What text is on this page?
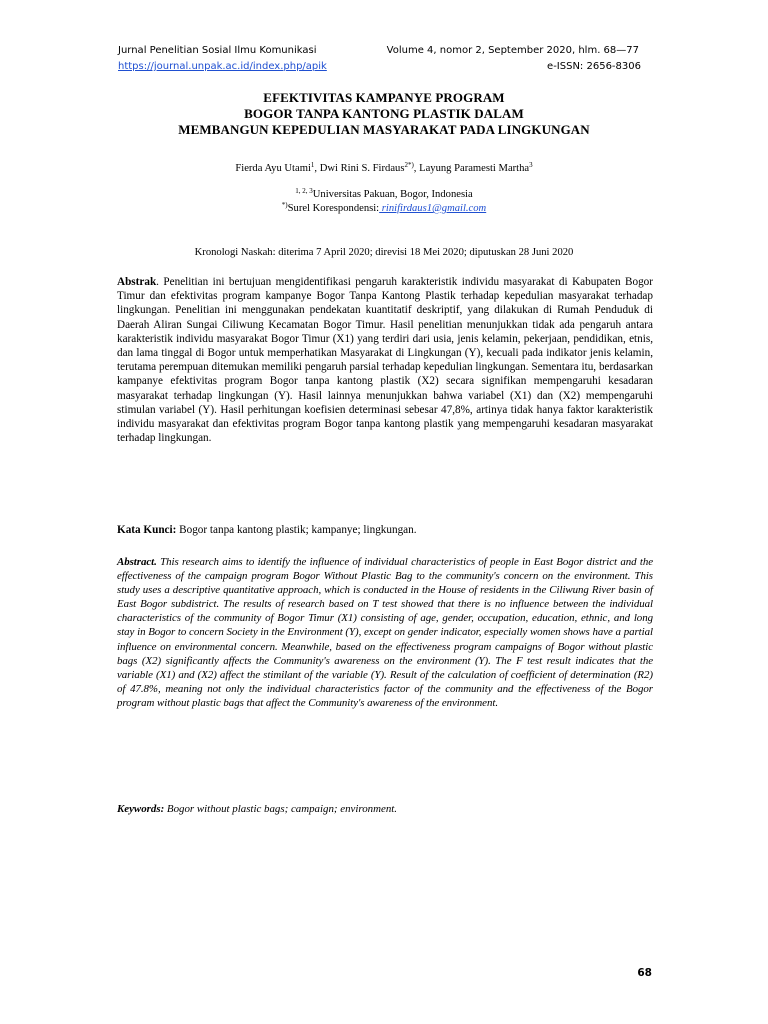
Jurnal Penelitian Sosial Ilmu Komunikasi	Volume 4, nomor 2, September 2020, hlm. 68—77
https://journal.unpak.ac.id/index.php/apik	e-ISSN: 2656-8306
EFEKTIVITAS KAMPANYE PROGRAM
BOGOR TANPA KANTONG PLASTIK DALAM
MEMBANGUN KEPEDULIAN MASYARAKAT PADA LINGKUNGAN
Fierda Ayu Utami$^1$, Dwi Rini S. Firdaus$^{2*)}$, Layung Paramesti Martha$^3$
$^{1, 2, 3}$Universitas Pakuan, Bogor, Indonesia
*)Surel Korespondensi: rinifirdaus1@gmail.com
Kronologi Naskah: diterima 7 April 2020; direvisi 18 Mei 2020; diputuskan 28 Juni 2020

Abstrak. Penelitian ini bertujuan mengidentifikasi pengaruh karakteristik individu masyarakat di Kabupaten Bogor Timur dan efektivitas program kampanye Bogor Tanpa Kantong Plastik terhadap kepedulian masyarakat terhadap lingkungan. Penelitian ini menggunakan pendekatan kuantitatif deskriptif, yang dilakukan di Rumah Penduduk di Daerah Aliran Sungai Ciliwung Kecamatan Bogor Timur. Hasil penelitian menunjukkan tidak ada pengaruh antara karakteristik individu masyarakat Bogor Timur (X1) yang terdiri dari usia, jenis kelamin, pekerjaan, pendidikan, etnis, dan lama tinggal di Bogor untuk memperhatikan Masyarakat di Lingkungan (Y), kecuali pada indikator jenis kelamin, terutama perempuan ditemukan memiliki pengaruh parsial terhadap kepedulian lingkungan. Sementara itu, berdasarkan kampanye efektivitas program Bogor tanpa kantong plastik (X2) secara signifikan mempengaruhi kesadaran masyarakat terhadap lingkungan (Y). Hasil lainnya menunjukkan bahwa variabel (X1) dan (X2) mempengaruhi stimulan variabel (Y). Hasil perhitungan koefisien determinasi sebesar 47,8%, artinya tidak hanya faktor karakteristik individu masyarakat dan efektivitas program Bogor tanpa kantong plastik yang mempengaruhi kesadaran masyarakat terhadap lingkungan.

Kata Kunci: Bogor tanpa kantong plastik; kampanye; lingkungan.

Abstract. This research aims to identify the influence of individual characteristics of people in East Bogor district and the effectiveness of the campaign program Bogor Without Plastic Bag to the community's concern on the environment. This study uses a descriptive quantitative approach, which is conducted in the House of residents in the Ciliwung River basin of East Bogor subdistrict. The results of research based on T test showed that there is no influence between the individual characteristics of the community of Bogor Timur (X1) consisting of age, gender, occupation, education, ethnic, and long stay in Bogor to concern Society in the Environment (Y), except on gender indicator, especially women shows have a partial influence on environmental concern. Meanwhile, based on the effectiveness program campaigns of Bogor without plastic bags (X2) significantly affects the Community's awareness on the environment (Y). The F test result indicates that the variable (X1) and (X2) affect the stimilant of the variable (Y). Result of the calculation of coefficient of determination (R2) of 47.8%, meaning not only the individual characteristics factor of the community and the effectiveness of the Bogor program without plastic bags that affect the Community's awareness of the environment.

Keywords: Bogor without plastic bags; campaign; environment.

68
